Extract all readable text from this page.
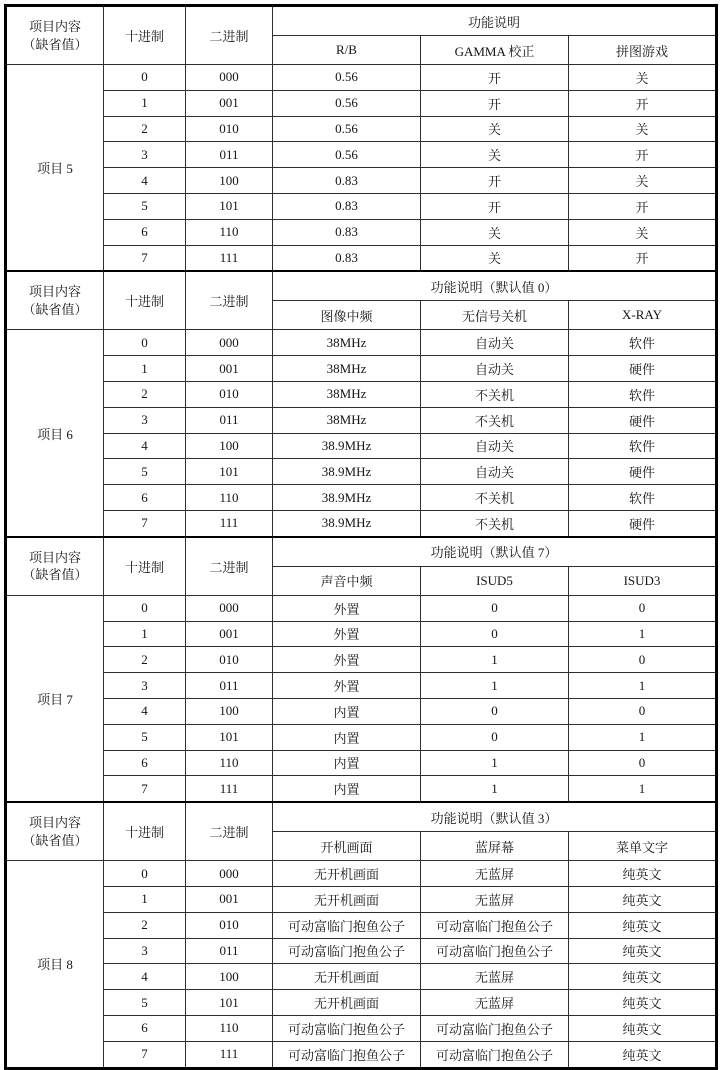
项目内容
（缺省值）	十进制	二进制	功能说明		
			R/B	GAMMA 校正	拼图游戏
项目 5	0	000	0.56	开	关
	1	001	0.56	开	开
	2	010	0.56	关	关
	3	011	0.56	关	开
	4	100	0.83	开	关
	5	101	0.83	开	开
	6	110	0.83	关	关
	7	111	0.83	关	开

项目内容
（缺省值）	十进制	二进制	功能说明（默认值 0）		
			图像中频	无信号关机	X-RAY
项目 6	0	000	38MHz	自动关	软件
	1	001	38MHz	自动关	硬件
	2	010	38MHz	不关机	软件
	3	011	38MHz	不关机	硬件
	4	100	38.9MHz	自动关	软件
	5	101	38.9MHz	自动关	硬件
	6	110	38.9MHz	不关机	软件
	7	111	38.9MHz	不关机	硬件

项目内容
（缺省值）	十进制	二进制	功能说明（默认值 7）		
			声音中频	ISUD5	ISUD3
项目 7	0	000	外置	0	0
	1	001	外置	0	1
	2	010	外置	1	0
	3	011	外置	1	1
	4	100	内置	0	0
	5	101	内置	0	1
	6	110	内置	1	0
	7	111	内置	1	1

项目内容
（缺省值）	十进制	二进制	功能说明（默认值 3）		
			开机画面	蓝屏幕	菜单文字
项目 8	0	000	无开机画面	无蓝屏	纯英文
	1	001	无开机画面	无蓝屏	纯英文
	2	010	可动富临门抱鱼公子	可动富临门抱鱼公子	纯英文
	3	011	可动富临门抱鱼公子	可动富临门抱鱼公子	纯英文
	4	100	无开机画面	无蓝屏	纯英文
	5	101	无开机画面	无蓝屏	纯英文
	6	110	可动富临门抱鱼公子	可动富临门抱鱼公子	纯英文
	7	111	可动富临门抱鱼公子	可动富临门抱鱼公子	纯英文
